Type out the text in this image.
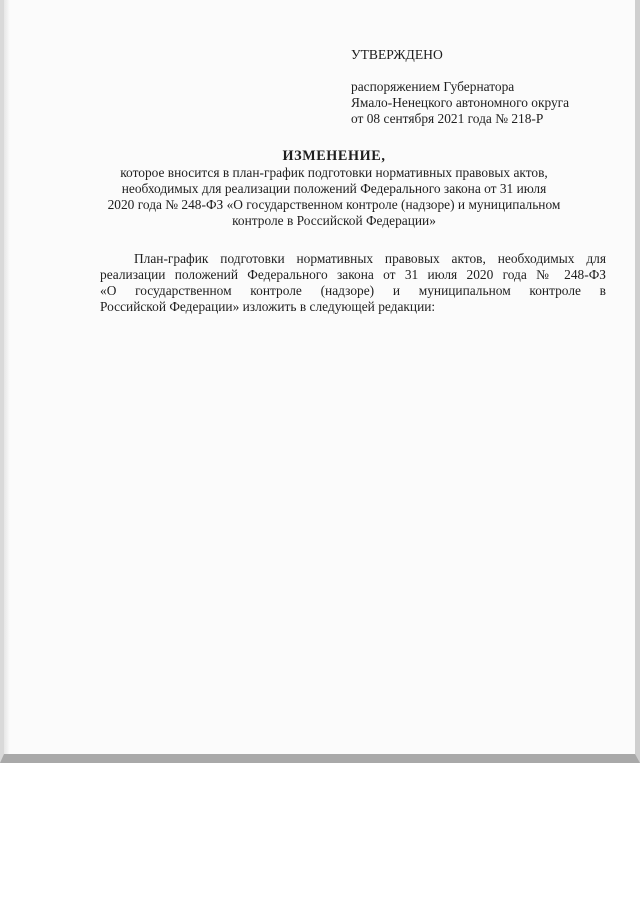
УТВЕРЖДЕНО
распоряжением Губернатора
Ямало-Ненецкого автономного округа
от 08 сентября 2021 года № 218-Р
ИЗМЕНЕНИЕ,
которое вносится в план-график подготовки нормативных правовых актов,
необходимых для реализации положений Федерального закона от 31 июля
2020 года № 248-ФЗ «О государственном контроле (надзоре) и муниципальном
контроле в Российской Федерации»
План-график подготовки нормативных правовых актов, необходимых для
реализации положений Федерального закона от 31 июля 2020 года № 248-ФЗ
«О государственном контроле (надзоре) и муниципальном контроле в
Российской Федерации» изложить в следующей редакции:
